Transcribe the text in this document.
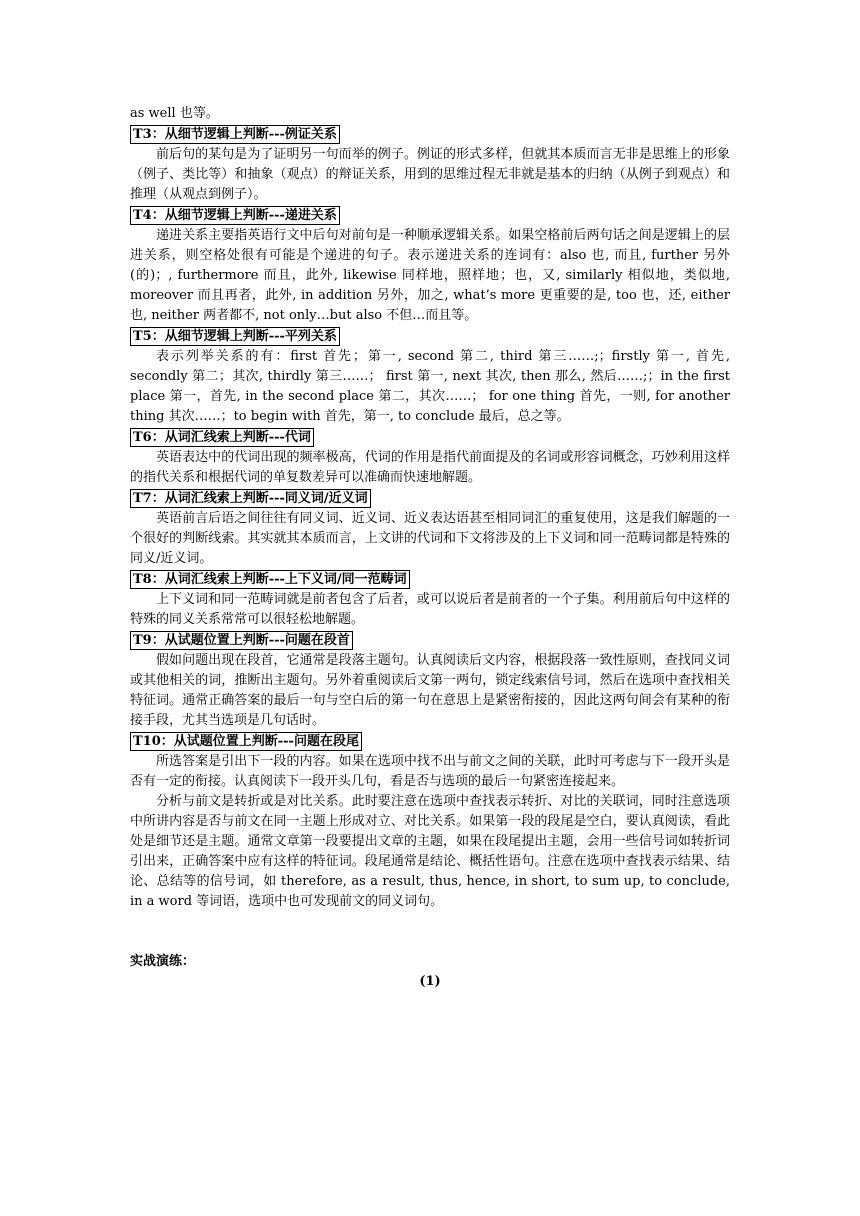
as well 也等。

T3：从细节逻辑上判断---例证关系

前后句的某句是为了证明另一句而举的例子。例证的形式多样，但就其本质而言无非是思维上的形象（例子、类比等）和抽象（观点）的辩证关系，用到的思维过程无非就是基本的归纳（从例子到观点）和推理（从观点到例子）。

T4：从细节逻辑上判断---递进关系

递进关系主要指英语行文中后句对前句是一种顺承逻辑关系。如果空格前后两句话之间是逻辑上的层进关系，则空格处很有可能是个递进的句子。表示递进关系的连词有：also 也, 而且, further 另外(的)；, furthermore 而且，此外, likewise 同样地，照样地；也，又, similarly 相似地，类似地, moreover 而且再者，此外, in addition 另外，加之, what’s more 更重要的是, too 也，还, either 也, neither 两者都不, not only…but also 不但…而且等。

T5：从细节逻辑上判断---平列关系

表示列举关系的有：first 首先；第一, second 第二, third 第三……;；firstly 第一, 首先, secondly 第二；其次, thirdly 第三……； first 第一, next 其次, then 那么, 然后……;；in the first place 第一，首先, in the second place 第二，其次……； for one thing 首先，一则, for another thing 其次……；to begin with 首先，第一, to conclude 最后，总之等。

T6：从词汇线索上判断---代词

英语表达中的代词出现的频率极高，代词的作用是指代前面提及的名词或形容词概念，巧妙利用这样的指代关系和根据代词的单复数差异可以准确而快速地解题。

T7：从词汇线索上判断---同义词/近义词

英语前言后语之间往往有同义词、近义词、近义表达语甚至相同词汇的重复使用，这是我们解题的一个很好的判断线索。其实就其本质而言，上文讲的代词和下文将涉及的上下义词和同一范畴词都是特殊的同义/近义词。

T8：从词汇线索上判断---上下义词/同一范畴词

上下义词和同一范畴词就是前者包含了后者，或可以说后者是前者的一个子集。利用前后句中这样的特殊的同义关系常常可以很轻松地解题。

T9：从试题位置上判断---问题在段首

假如问题出现在段首，它通常是段落主题句。认真阅读后文内容，根据段落一致性原则，查找同义词或其他相关的词，推断出主题句。另外着重阅读后文第一两句，锁定线索信号词，然后在选项中查找相关特征词。通常正确答案的最后一句与空白后的第一句在意思上是紧密衔接的，因此这两句间会有某种的衔接手段，尤其当选项是几句话时。

T10：从试题位置上判断---问题在段尾

所选答案是引出下一段的内容。如果在选项中找不出与前文之间的关联，此时可考虑与下一段开头是否有一定的衔接。认真阅读下一段开头几句，看是否与选项的最后一句紧密连接起来。

分析与前文是转折或是对比关系。此时要注意在选项中查找表示转折、对比的关联词，同时注意选项中所讲内容是否与前文在同一主题上形成对立、对比关系。如果第一段的段尾是空白，要认真阅读，看此处是细节还是主题。通常文章第一段要提出文章的主题，如果在段尾提出主题，会用一些信号词如转折词引出来，正确答案中应有这样的特征词。段尾通常是结论、概括性语句。注意在选项中查找表示结果、结论、总结等的信号词，如 therefore, as a result, thus, hence, in short, to sum up, to conclude, in a word 等词语，选项中也可发现前文的同义词句。

实战演练：

(1)
